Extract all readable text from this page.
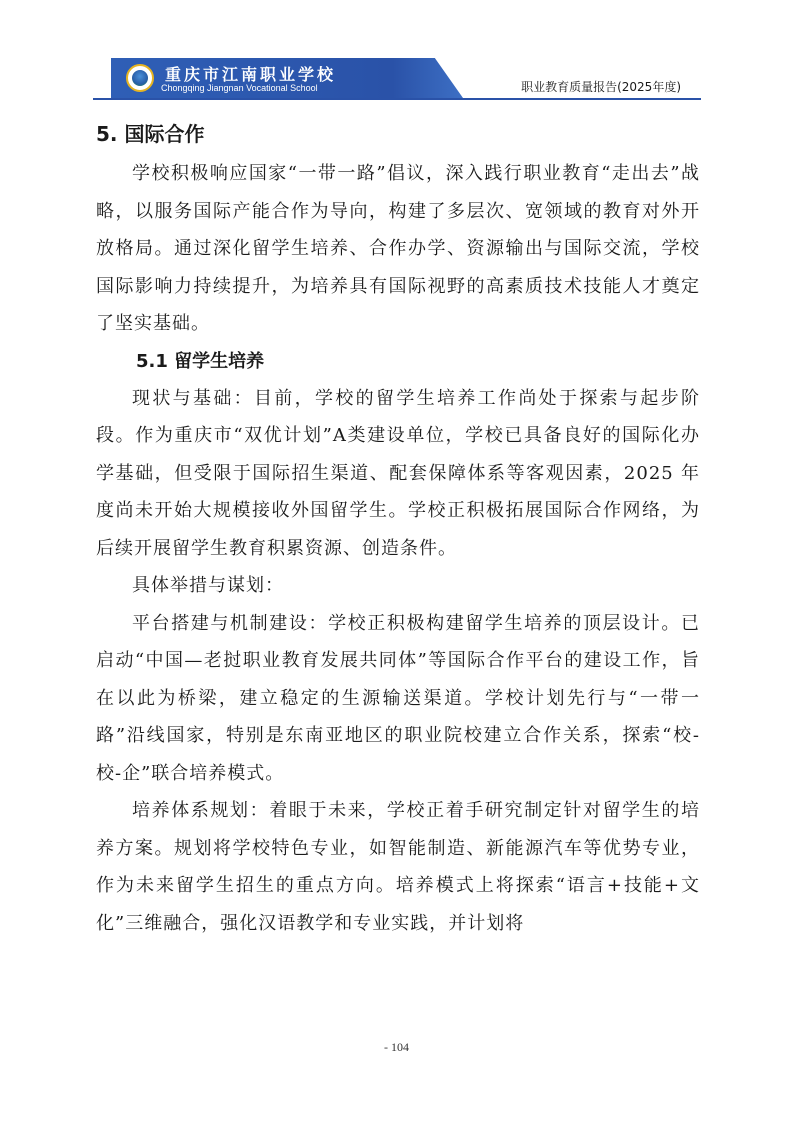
重庆市江南职业学校
Chongqing Jiangnan Vocational School	职业教育质量报告(2025年度)
5. 国际合作

学校积极响应国家“一带一路”倡议，深入践行职业教育“走出去”战略，以服务国际产能合作为导向，构建了多层次、宽领域的教育对外开放格局。通过深化留学生培养、合作办学、资源输出与国际交流，学校国际影响力持续提升，为培养具有国际视野的高素质技术技能人才奠定了坚实基础。

5.1 留学生培养

现状与基础：目前，学校的留学生培养工作尚处于探索与起步阶段。作为重庆市“双优计划”A类建设单位，学校已具备良好的国际化办学基础，但受限于国际招生渠道、配套保障体系等客观因素，2025 年度尚未开始大规模接收外国留学生。学校正积极拓展国际合作网络，为后续开展留学生教育积累资源、创造条件。

具体举措与谋划：

平台搭建与机制建设：学校正积极构建留学生培养的顶层设计。已启动“中国—老挝职业教育发展共同体”等国际合作平台的建设工作，旨在以此为桥梁，建立稳定的生源输送渠道。学校计划先行与“一带一路”沿线国家，特别是东南亚地区的职业院校建立合作关系，探索“校-校-企”联合培养模式。

培养体系规划：着眼于未来，学校正着手研究制定针对留学生的培养方案。规划将学校特色专业，如智能制造、新能源汽车等优势专业，作为未来留学生招生的重点方向。培养模式上将探索“语言+技能+文化”三维融合，强化汉语教学和专业实践，并计划将

- 104
